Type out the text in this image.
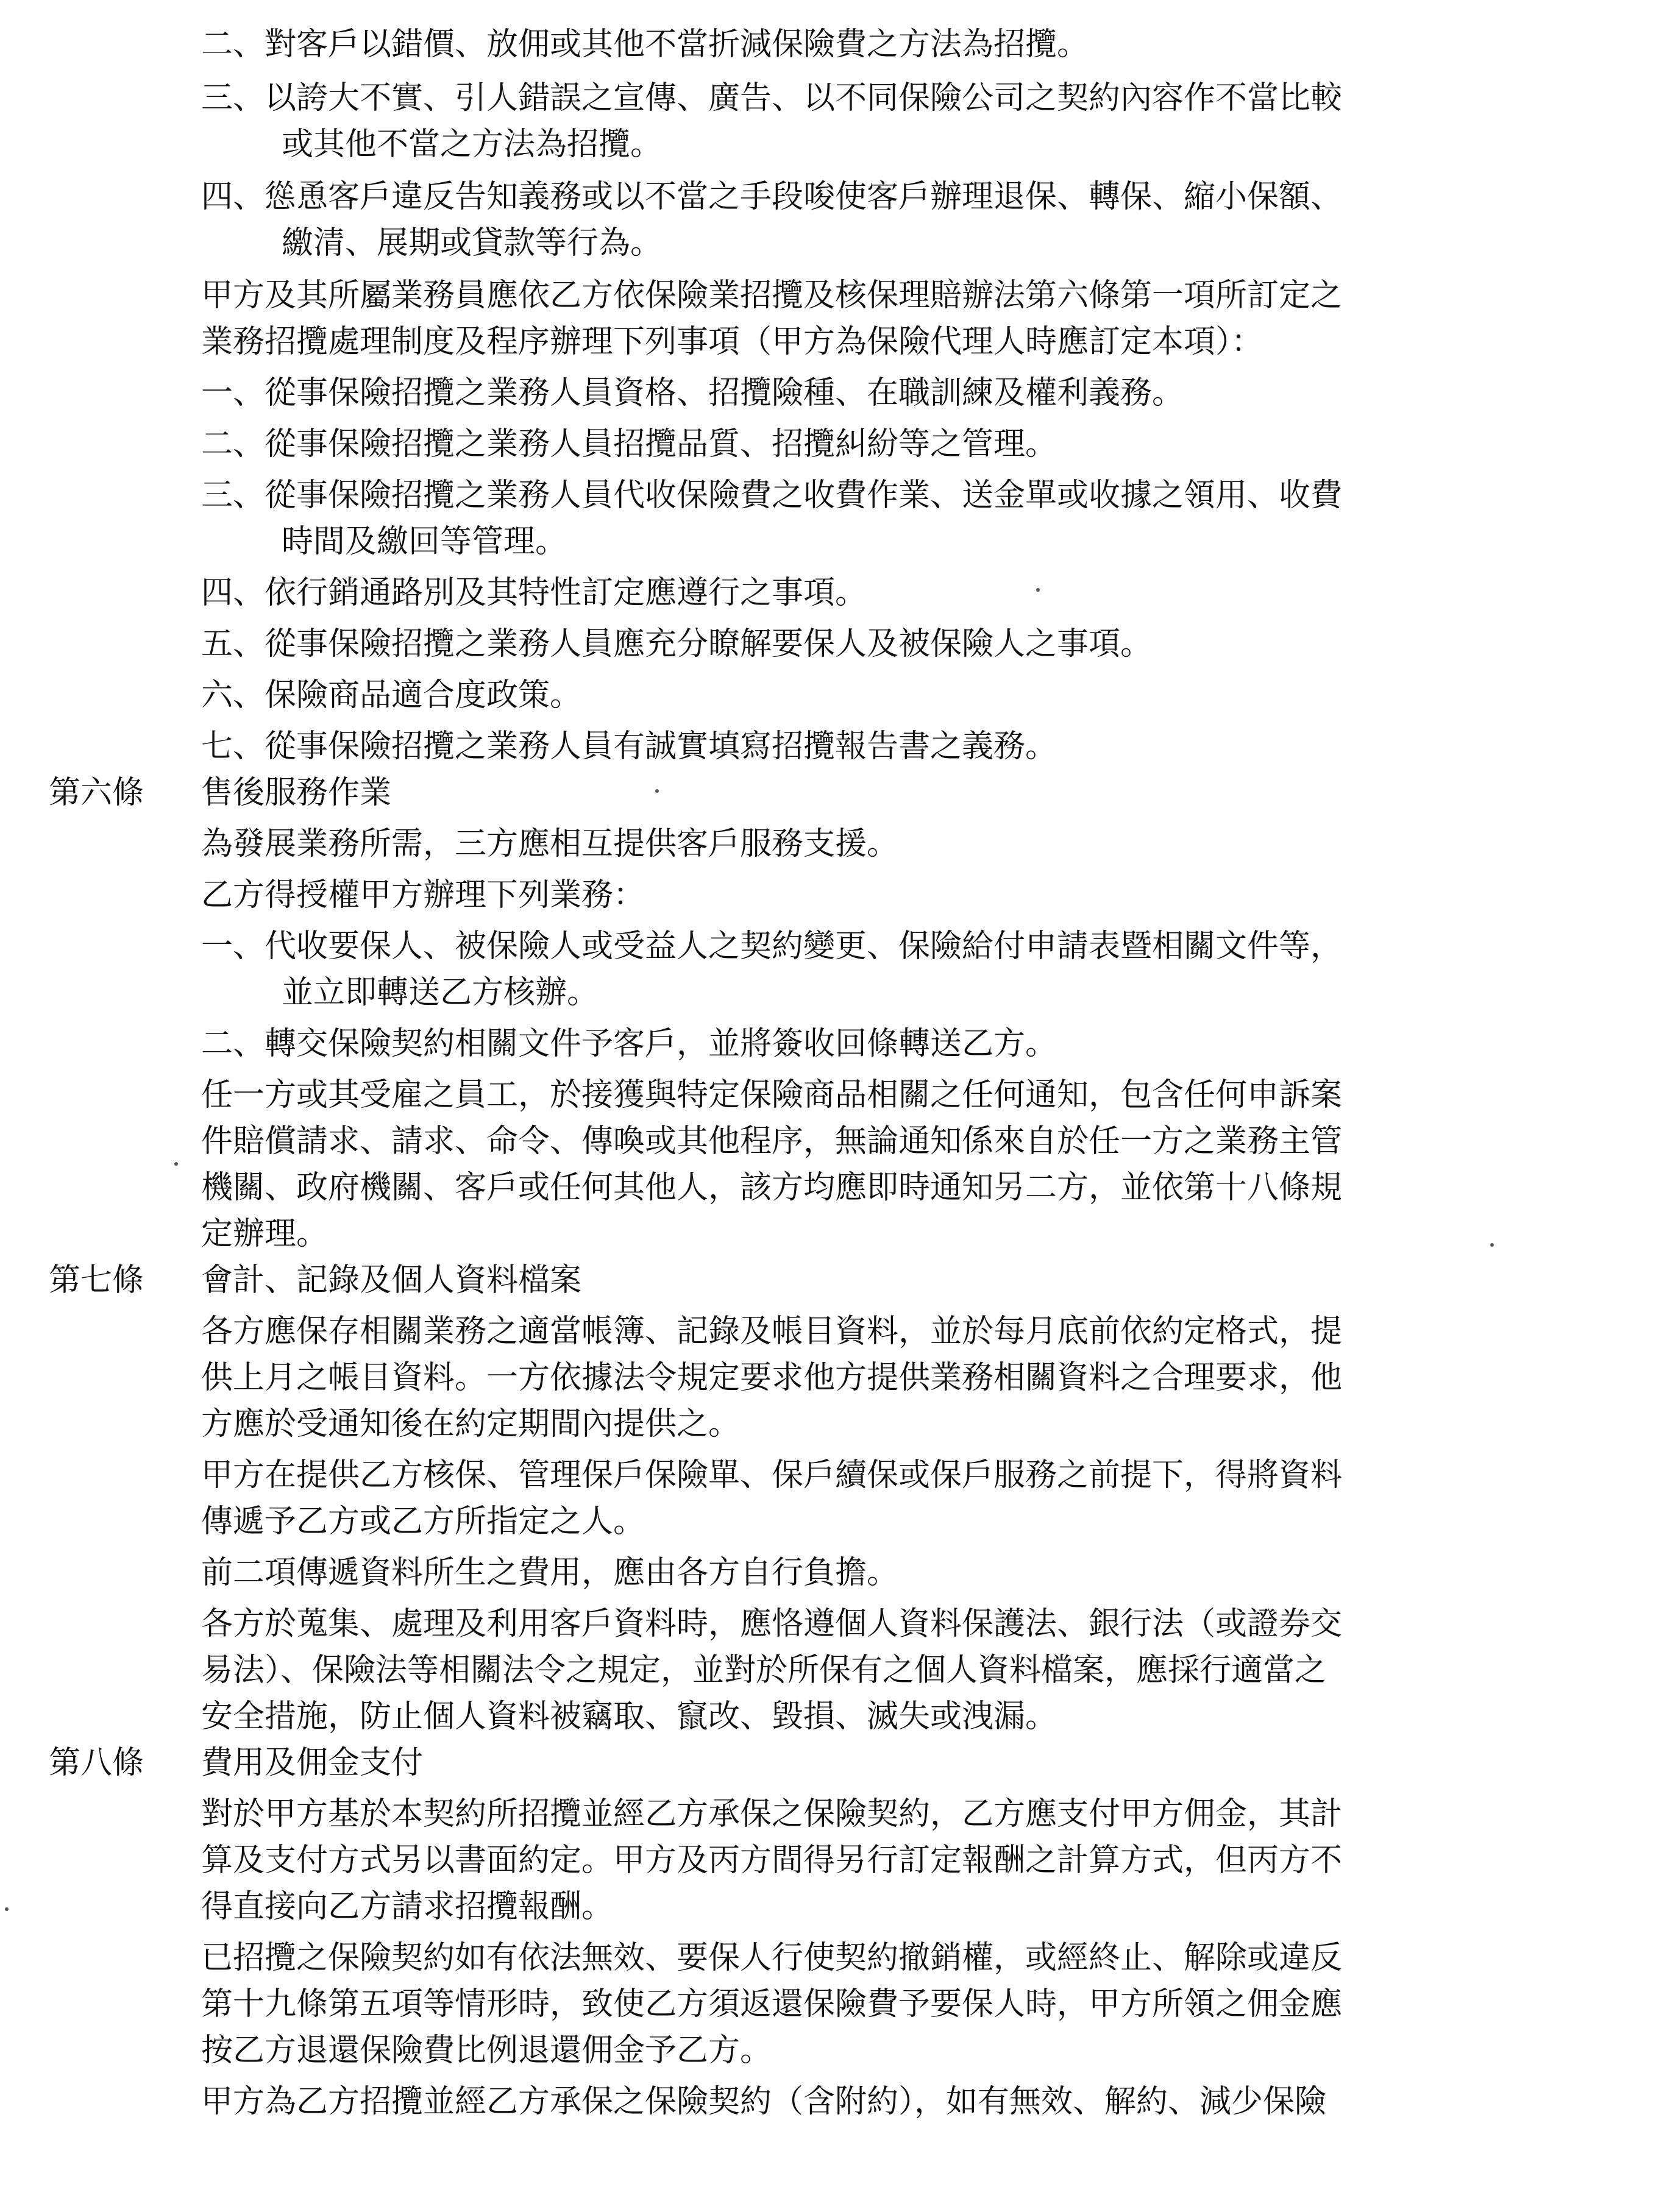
二、對客戶以錯價、放佣或其他不當折減保險費之方法為招攬。
三、以誇大不實、引人錯誤之宣傳、廣告、以不同保險公司之契約內容作不當比較
或其他不當之方法為招攬。
四、慫恿客戶違反告知義務或以不當之手段唆使客戶辦理退保、轉保、縮小保額、
繳清、展期或貸款等行為。
甲方及其所屬業務員應依乙方依保險業招攬及核保理賠辦法第六條第一項所訂定之
業務招攬處理制度及程序辦理下列事項（甲方為保險代理人時應訂定本項）：
一、從事保險招攬之業務人員資格、招攬險種、在職訓練及權利義務。
二、從事保險招攬之業務人員招攬品質、招攬糾紛等之管理。
三、從事保險招攬之業務人員代收保險費之收費作業、送金單或收據之領用、收費
時間及繳回等管理。
四、依行銷通路別及其特性訂定應遵行之事項。
五、從事保險招攬之業務人員應充分瞭解要保人及被保險人之事項。
六、保險商品適合度政策。
七、從事保險招攬之業務人員有誠實填寫招攬報告書之義務。
第六條 售後服務作業
為發展業務所需，三方應相互提供客戶服務支援。
乙方得授權甲方辦理下列業務：
一、代收要保人、被保險人或受益人之契約變更、保險給付申請表暨相關文件等，
並立即轉送乙方核辦。
二、轉交保險契約相關文件予客戶，並將簽收回條轉送乙方。
任一方或其受雇之員工，於接獲與特定保險商品相關之任何通知，包含任何申訴案
件賠償請求、請求、命令、傳喚或其他程序，無論通知係來自於任一方之業務主管
機關、政府機關、客戶或任何其他人，該方均應即時通知另二方，並依第十八條規
定辦理。
第七條 會計、記錄及個人資料檔案
各方應保存相關業務之適當帳簿、記錄及帳目資料，並於每月底前依約定格式，提
供上月之帳目資料。一方依據法令規定要求他方提供業務相關資料之合理要求，他
方應於受通知後在約定期間內提供之。
甲方在提供乙方核保、管理保戶保險單、保戶續保或保戶服務之前提下，得將資料
傳遞予乙方或乙方所指定之人。
前二項傳遞資料所生之費用，應由各方自行負擔。
各方於蒐集、處理及利用客戶資料時，應恪遵個人資料保護法、銀行法（或證券交
易法）、保險法等相關法令之規定，並對於所保有之個人資料檔案，應採行適當之
安全措施，防止個人資料被竊取、竄改、毀損、滅失或洩漏。
第八條 費用及佣金支付
對於甲方基於本契約所招攬並經乙方承保之保險契約，乙方應支付甲方佣金，其計
算及支付方式另以書面約定。甲方及丙方間得另行訂定報酬之計算方式，但丙方不
得直接向乙方請求招攬報酬。
已招攬之保險契約如有依法無效、要保人行使契約撤銷權，或經終止、解除或違反
第十九條第五項等情形時，致使乙方須返還保險費予要保人時，甲方所領之佣金應
按乙方退還保險費比例退還佣金予乙方。
甲方為乙方招攬並經乙方承保之保險契約（含附約），如有無效、解約、減少保險
